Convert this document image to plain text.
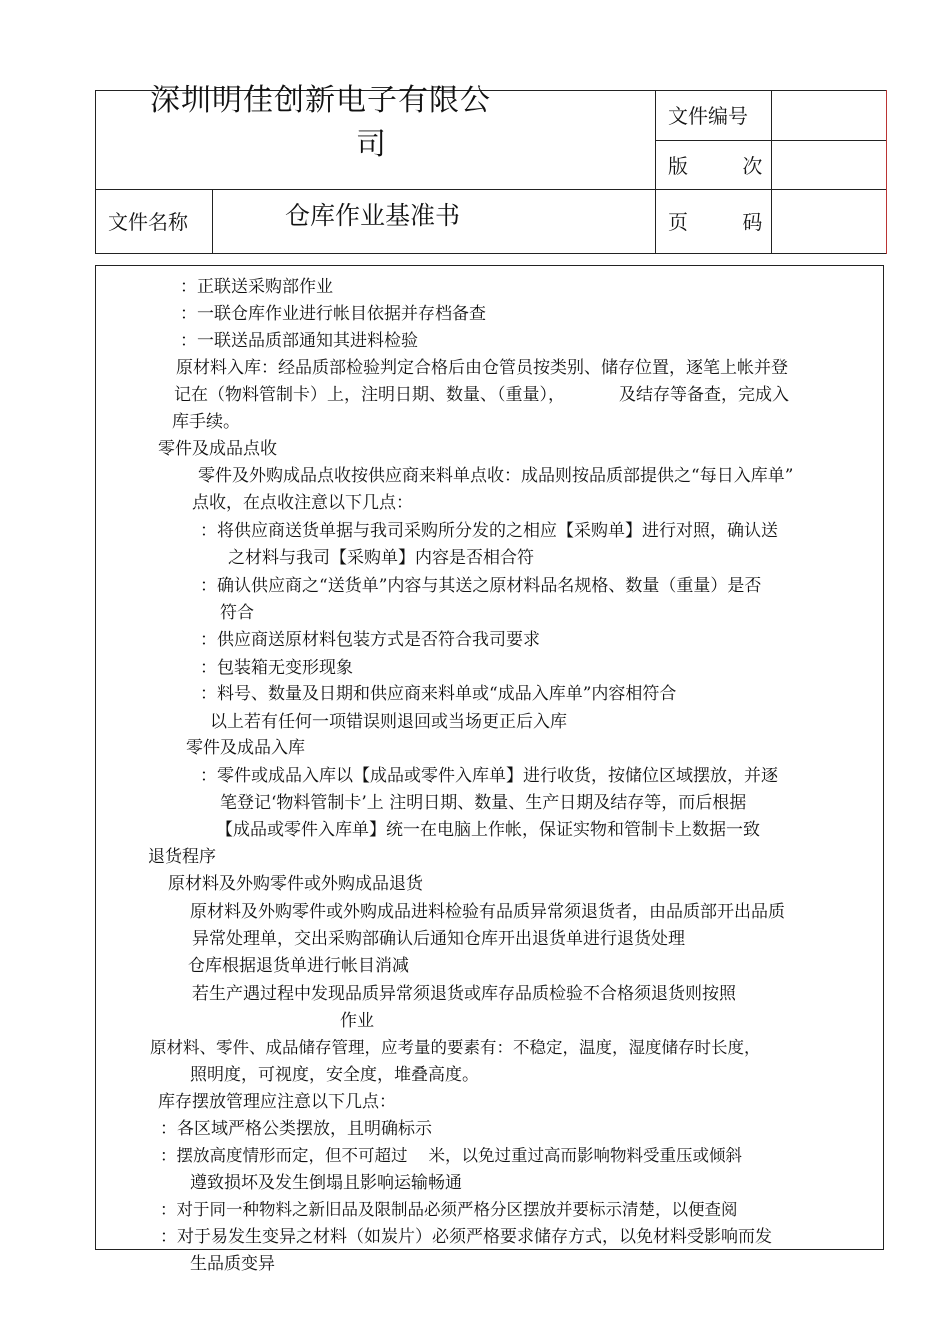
深圳明佳创新电子有限公
司
文件编号
版 次
文件名称	仓库作业基准书	页 码
：正联送采购部作业
：一联仓库作业进行帐目依据并存档备查
：一联送品质部通知其进料检验
原材料入库：经品质部检验判定合格后由仓管员按类别、储存位置，逐笔上帐并登
记在（物料管制卡）上，注明日期、数量、（重量），          及结存等备查，完成入
库手续。
零件及成品点收
零件及外购成品点收按供应商来料单点收：成品则按品质部提供之“每日入库单”
点收，在点收注意以下几点：
：将供应商送货单据与我司采购所分发的之相应【采购单】进行对照，确认送
之材料与我司【采购单】内容是否相合符
：确认供应商之“送货单”内容与其送之原材料品名规格、数量（重量）是否
符合
：供应商送原材料包装方式是否符合我司要求
：包装箱无变形现象
：料号、数量及日期和供应商来料单或“成品入库单”内容相符合
以上若有任何一项错误则退回或当场更正后入库
零件及成品入库
：零件或成品入库以【成品或零件入库单】进行收货，按储位区域摆放，并逐
笔登记‘物料管制卡’上 注明日期、数量、生产日期及结存等，而后根据
【成品或零件入库单】统一在电脑上作帐，保证实物和管制卡上数据一致
退货程序
原材料及外购零件或外购成品退货
原材料及外购零件或外购成品进料检验有品质异常须退货者，由品质部开出品质
异常处理单，交出采购部确认后通知仓库开出退货单进行退货处理
仓库根据退货单进行帐目消减
若生产遇过程中发现品质异常须退货或库存品质检验不合格须退货则按照
作业
原材料、零件、成品储存管理，应考量的要素有：不稳定，温度，湿度储存时长度，
照明度，可视度，安全度，堆叠高度。
库存摆放管理应注意以下几点：
：各区域严格公类摆放，且明确标示
：摆放高度情形而定，但不可超过    米，以免过重过高而影响物料受重压或倾斜
遵致损坏及发生倒塌且影响运输畅通
：对于同一种物料之新旧品及限制品必须严格分区摆放并要标示清楚，以便查阅
：对于易发生变异之材料（如炭片）必须严格要求储存方式，以免材料受影响而发
生品质变异
